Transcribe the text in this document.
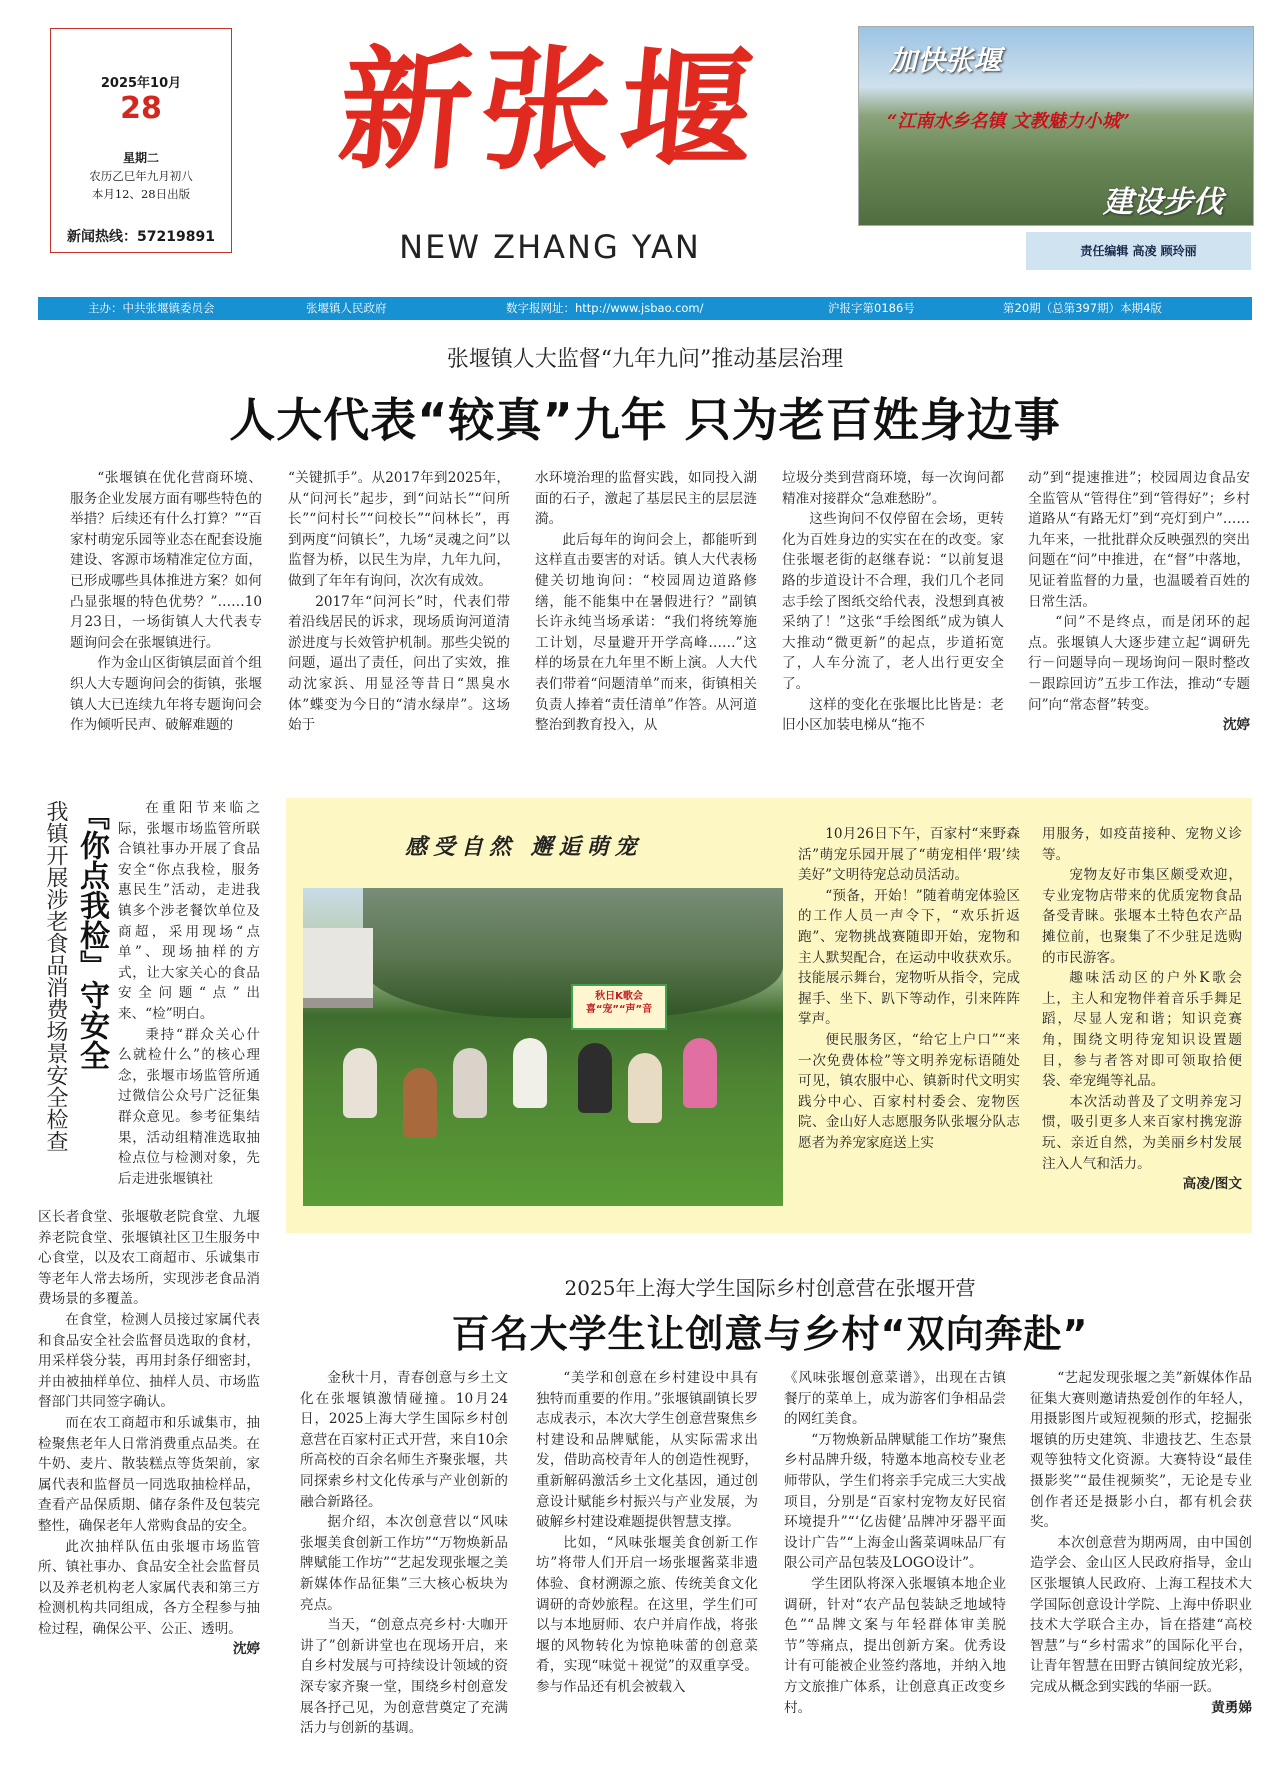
2025年10月
28
星期二
农历乙巳年九月初八
本月12、28日出版
新闻热线：57219891
新张堰
NEW ZHANG YAN
加快张堰
“江南水乡名镇 文教魅力小城”
建设步伐
责任编辑 高凌 顾玲丽
主办：中共张堰镇委员会	张堰镇人民政府	数字报网址：http://www.jsbao.com/	沪报字第0186号	第20期（总第397期）本期4版
张堰镇人大监督“九年九问”推动基层治理
人大代表“较真”九年 只为老百姓身边事

“张堰镇在优化营商环境、服务企业发展方面有哪些特色的举措？后续还有什么打算？”“百家村萌宠乐园等业态在配套设施建设、客源市场精准定位方面，已形成哪些具体推进方案？如何凸显张堰的特色优势？”……10月23日，一场街镇人大代表专题询问会在张堰镇进行。

作为金山区街镇层面首个组织人大专题询问会的街镇，张堰镇人大已连续九年将专题询问会作为倾听民声、破解难题的

“关键抓手”。从2017年到2025年，从“问河长”起步，到“问站长”“问所长”“问村长”“问校长”“问林长”，再到两度“问镇长”，九场“灵魂之问”以监督为桥，以民生为岸，九年九问，做到了年年有询问，次次有成效。

2017年“问河长”时，代表们带着沿线居民的诉求，现场质询河道清淤进度与长效管护机制。那些尖锐的问题，逼出了责任，问出了实效，推动沈家浜、用显泾等昔日“黑臭水体”蝶变为今日的“清水绿岸”。这场始于

水环境治理的监督实践，如同投入湖面的石子，激起了基层民主的层层涟漪。

此后每年的询问会上，都能听到这样直击要害的对话。镇人大代表杨健关切地询问：“校园周边道路修缮，能不能集中在暑假进行？”副镇长许永纯当场承诺：“我们将统筹施工计划，尽量避开开学高峰……”这样的场景在九年里不断上演。人大代表们带着“问题清单”而来，街镇相关负责人捧着“责任清单”作答。从河道整治到教育投入，从

垃圾分类到营商环境，每一次询问都精准对接群众“急难愁盼”。

这些询问不仅停留在会场，更转化为百姓身边的实实在在的改变。家住张堰老街的赵继春说：“以前复退路的步道设计不合理，我们几个老同志手绘了图纸交给代表，没想到真被采纳了！”这张“手绘图纸”成为镇人大推动“微更新”的起点，步道拓宽了，人车分流了，老人出行更安全了。

这样的变化在张堰比比皆是：老旧小区加装电梯从“拖不

动”到“提速推进”；校园周边食品安全监管从“管得住”到“管得好”；乡村道路从“有路无灯”到“亮灯到户”……九年来，一批批群众反映强烈的突出问题在“问”中推进，在“督”中落地，见证着监督的力量，也温暖着百姓的日常生活。

“问”不是终点，而是闭环的起点。张堰镇人大逐步建立起“调研先行－问题导向－现场询问－限时整改－跟踪回访”五步工作法，推动“专题问”向“常态督”转变。

沈婷

『你点我检』守安全
我镇开展涉老食品消费场景安全检查	在重阳节来临之际，张堰市场监管所联合镇社事办开展了食品安全“你点我检，服务惠民生”活动，走进我镇多个涉老餐饮单位及商超，采用现场“点单”、现场抽样的方式，让大家关心的食品安全问题“点”出来、“检”明白。

秉持“群众关心什么就检什么”的核心理念，张堰市场监管所通过微信公众号广泛征集群众意见。参考征集结果，活动组精准选取抽检点位与检测对象，先后走进张堰镇社

区长者食堂、张堰敬老院食堂、九堰养老院食堂、张堰镇社区卫生服务中心食堂，以及农工商超市、乐诚集市等老年人常去场所，实现涉老食品消费场景的多覆盖。

在食堂，检测人员接过家属代表和食品安全社会监督员选取的食材，用采样袋分装，再用封条仔细密封，并由被抽样单位、抽样人员、市场监督部门共同签字确认。

而在农工商超市和乐诚集市，抽检聚焦老年人日常消费重点品类。在牛奶、麦片、散装糕点等货架前，家属代表和监督员一同选取抽检样品，查看产品保质期、储存条件及包装完整性，确保老年人常购食品的安全。

此次抽样队伍由张堰市场监管所、镇社事办、食品安全社会监督员以及养老机构老人家属代表和第三方检测机构共同组成，各方全程参与抽检过程，确保公平、公正、透明。

沈婷

感受自然 邂逅萌宠
秋日K歌会 喜“宠”“声”音

10月26日下午，百家村“来野森活”萌宠乐园开展了“萌宠相伴‘瑕’续美好”文明待宠总动员活动。

“预备，开始！”随着萌宠体验区的工作人员一声令下，“欢乐折返跑”、宠物挑战赛随即开始，宠物和主人默契配合，在运动中收获欢乐。技能展示舞台，宠物听从指令，完成握手、坐下、趴下等动作，引来阵阵掌声。

便民服务区，“给它上户口”“来一次免费体检”等文明养宠标语随处可见，镇农服中心、镇新时代文明实践分中心、百家村村委会、宠物医院、金山好人志愿服务队张堰分队志愿者为养宠家庭送上实

用服务，如疫苗接种、宠物义诊等。

宠物友好市集区颇受欢迎，专业宠物店带来的优质宠物食品备受青睐。张堰本土特色农产品摊位前，也聚集了不少驻足选购的市民游客。

趣味活动区的户外K歌会上，主人和宠物伴着音乐手舞足蹈，尽显人宠和谐；知识竞赛角，围绕文明待宠知识设置题目，参与者答对即可领取拾便袋、牵宠绳等礼品。

本次活动普及了文明养宠习惯，吸引更多人来百家村携宠游玩、亲近自然，为美丽乡村发展注入人气和活力。

高凌/图文

2025年上海大学生国际乡村创意营在张堰开营
百名大学生让创意与乡村“双向奔赴”

金秋十月，青春创意与乡土文化在张堰镇激情碰撞。10月24日，2025上海大学生国际乡村创意营在百家村正式开营，来自10余所高校的百余名师生齐聚张堰，共同探索乡村文化传承与产业创新的融合新路径。

据介绍，本次创意营以“风味张堰美食创新工作坊”“万物焕新品牌赋能工作坊”“艺起发现张堰之美新媒体作品征集”三大核心板块为亮点。

当天，“创意点亮乡村·大咖开讲了”创新讲堂也在现场开启，来自乡村发展与可持续设计领域的资深专家齐聚一堂，围绕乡村创意发展各抒己见，为创意营奠定了充满活力与创新的基调。

“美学和创意在乡村建设中具有独特而重要的作用。”张堰镇副镇长罗志成表示，本次大学生创意营聚焦乡村建设和品牌赋能，从实际需求出发，借助高校青年人的创造性视野，重新解码激活乡土文化基因，通过创意设计赋能乡村振兴与产业发展，为破解乡村建设难题提供智慧支撑。

比如，“风味张堰美食创新工作坊”将带人们开启一场张堰酱菜非遗体验、食材溯源之旅、传统美食文化调研的奇妙旅程。在这里，学生们可以与本地厨师、农户并肩作战，将张堰的风物转化为惊艳味蕾的创意菜肴，实现“味觉＋视觉”的双重享受。参与作品还有机会被载入

《风味张堰创意菜谱》，出现在古镇餐厅的菜单上，成为游客们争相品尝的网红美食。

“万物焕新品牌赋能工作坊”聚焦乡村品牌升级，特邀本地高校专业老师带队，学生们将亲手完成三大实战项目，分别是“百家村宠物友好民宿环境提升”“‘亿齿健’品牌冲牙器平面设计广告”“上海金山酱菜调味品厂有限公司产品包装及LOGO设计”。

学生团队将深入张堰镇本地企业调研，针对“农产品包装缺乏地域特色”“品牌文案与年轻群体审美脱节”等痛点，提出创新方案。优秀设计有可能被企业签约落地，并纳入地方文旅推广体系，让创意真正改变乡村。

“艺起发现张堰之美”新媒体作品征集大赛则邀请热爱创作的年轻人，用摄影图片或短视频的形式，挖掘张堰镇的历史建筑、非遗技艺、生态景观等独特文化资源。大赛特设“最佳摄影奖”“最佳视频奖”，无论是专业创作者还是摄影小白，都有机会获奖。

本次创意营为期两周，由中国创造学会、金山区人民政府指导，金山区张堰镇人民政府、上海工程技术大学国际创意设计学院、上海中侨职业技术大学联合主办，旨在搭建“高校智慧”与“乡村需求”的国际化平台，让青年智慧在田野古镇间绽放光彩，完成从概念到实践的华丽一跃。

黄勇娣
